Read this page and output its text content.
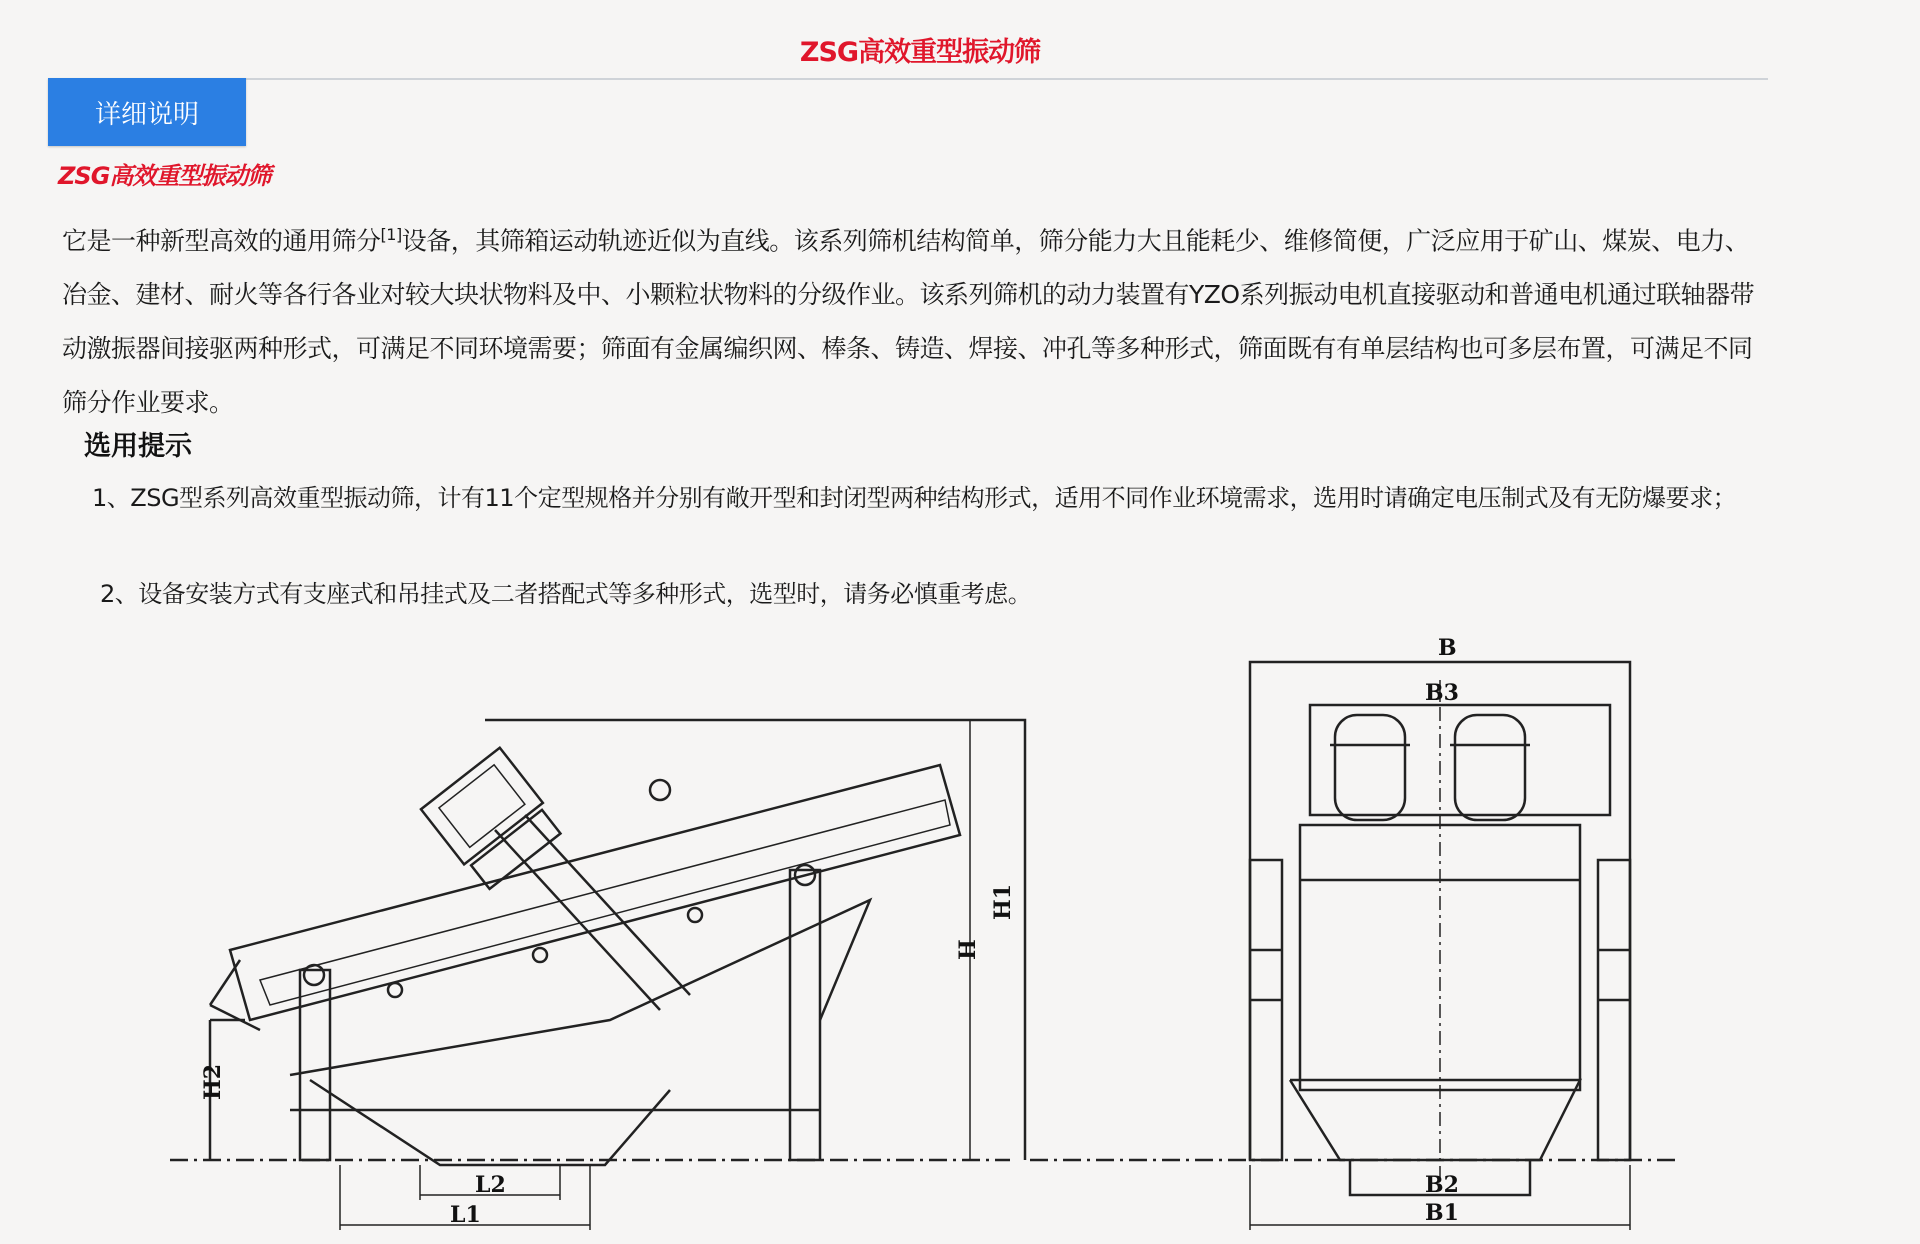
ZSG高效重型振动筛
详细说明
ZSG高效重型振动筛
它是一种新型高效的通用筛分[1]设备，其筛箱运动轨迹近似为直线。该系列筛机结构简单，筛分能力大且能耗少、维修简便，广泛应用于矿山、煤炭、电力、冶金、建材、耐火等各行各业对较大块状物料及中、小颗粒状物料的分级作业。该系列筛机的动力装置有YZO系列振动电机直接驱动和普通电机通过联轴器带动激振器间接驱两种形式，可满足不同环境需要；筛面有金属编织网、棒条、铸造、焊接、冲孔等多种形式，筛面既有有单层结构也可多层布置，可满足不同筛分作业要求。
选用提示
1、ZSG型系列高效重型振动筛，计有11个定型规格并分别有敞开型和封闭型两种结构形式，适用不同作业环境需求，选用时请确定电压制式及有无防爆要求；
2、设备安装方式有支座式和吊挂式及二者搭配式等多种形式，选型时，请务必慎重考虑。
H
H1
H2
L2
L1
B
B3
B2
B1
